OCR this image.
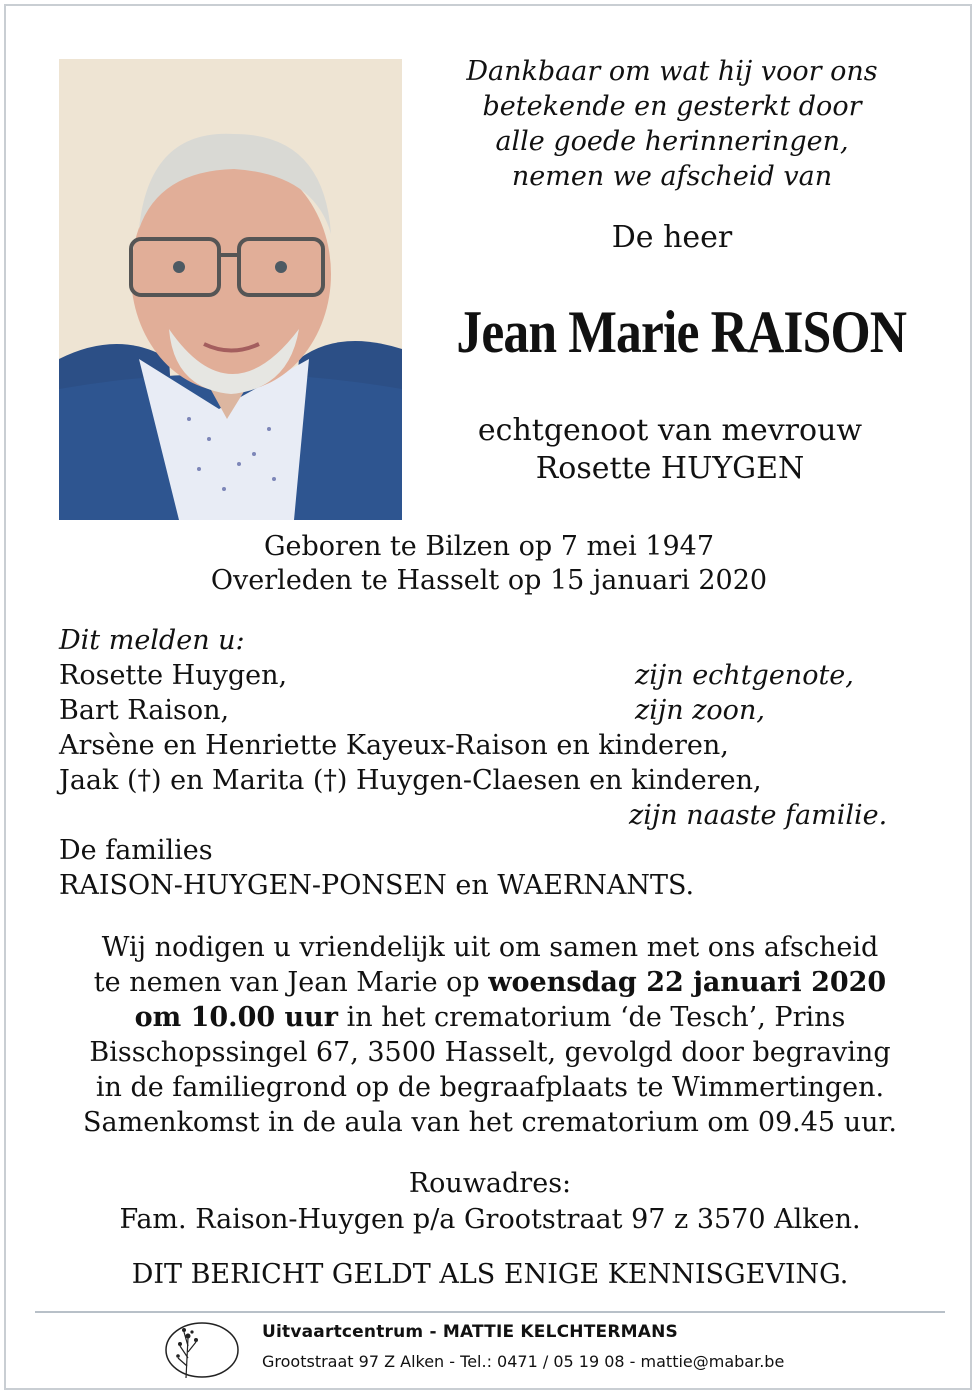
Dankbaar om wat hij voor ons
betekende en gesterkt door
alle goede herinneringen,
nemen we afscheid van
De heer
Jean Marie RAISON
echtgenoot van mevrouw
Rosette HUYGEN
Geboren te Bilzen op 7 mei 1947
Overleden te Hasselt op 15 januari 2020
Dit melden u:
Rosette Huygen,	zijn echtgenote,
Bart Raison,	zijn zoon,
Arsène en Henriette Kayeux-Raison en kinderen,
Jaak (†) en Marita (†) Huygen-Claesen en kinderen,
zijn naaste familie.
De families
RAISON-HUYGEN-PONSEN en WAERNANTS.
Wij nodigen u vriendelijk uit om samen met ons afscheid
te nemen van Jean Marie op woensdag 22 januari 2020
om 10.00 uur in het crematorium ‘de Tesch’, Prins
Bisschopssingel 67, 3500 Hasselt, gevolgd door begraving
in de familiegrond op de begraafplaats te Wimmertingen.
Samenkomst in de aula van het crematorium om 09.45 uur.
Rouwadres:
Fam. Raison-Huygen p/a Grootstraat 97 z 3570 Alken.
DIT BERICHT GELDT ALS ENIGE KENNISGEVING.
Uitvaartcentrum - MATTIE KELCHTERMANS
Grootstraat 97 Z Alken - Tel.: 0471 / 05 19 08 - mattie@mabar.be
